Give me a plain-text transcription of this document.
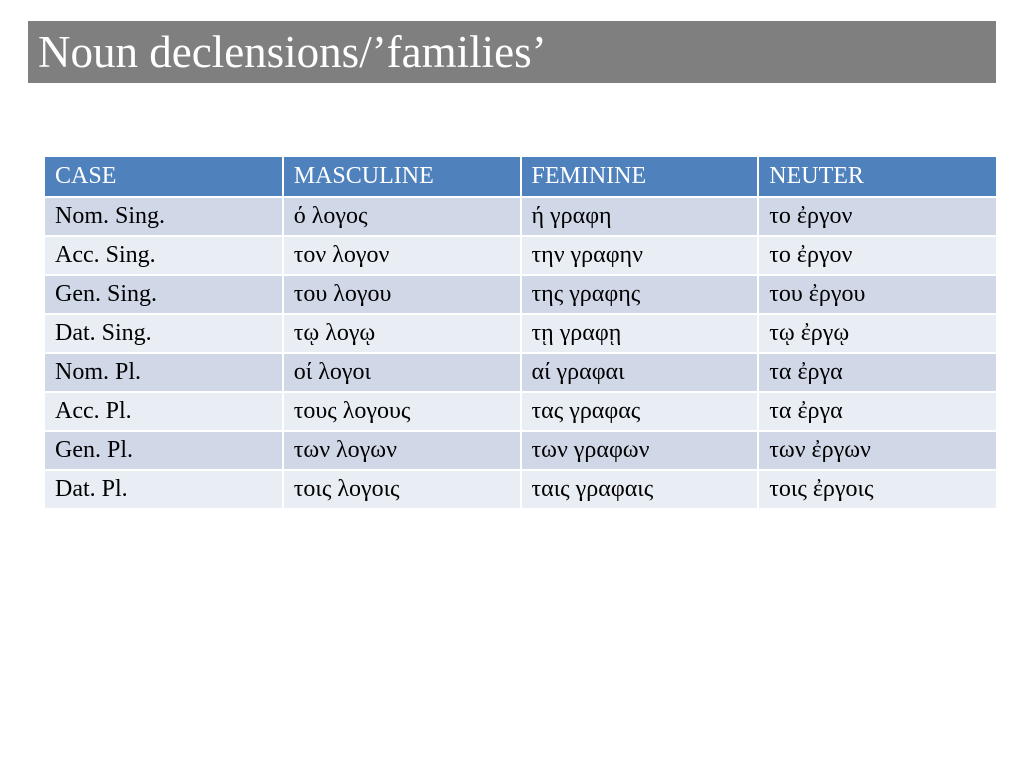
Noun declensions/’families’
CASE	MASCULINE	FEMININE	NEUTER
Nom. Sing.	ό λογος	ή γραφη	το ἐργον
Acc. Sing.	τον λογον	την γραφην	το ἐργον
Gen. Sing.	του λογου	της γραφης	του ἐργου
Dat. Sing.	τῳ λογῳ	τῃ γραφῃ	τῳ ἐργῳ
Nom. Pl.	οί λογοι	αί γραφαι	τα ἐργα
Acc. Pl.	τους λογους	τας γραφας	τα ἐργα
Gen. Pl.	των λογων	των γραφων	των ἐργων
Dat. Pl.	τοις λογοις	ταις γραφαις	τοις ἐργοις
